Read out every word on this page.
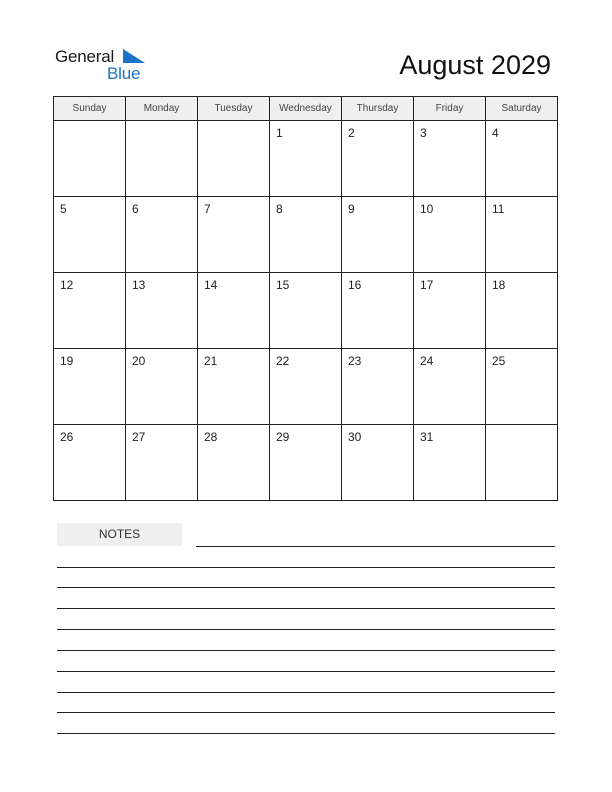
General
Blue	August 2029
Sunday	Monday	Tuesday	Wednesday	Thursday	Friday	Saturday

			1	2	3	4

5	6	7	8	9	10	11

12	13	14	15	16	17	18

19	20	21	22	23	24	25

26	27	28	29	30	31	

NOTES
